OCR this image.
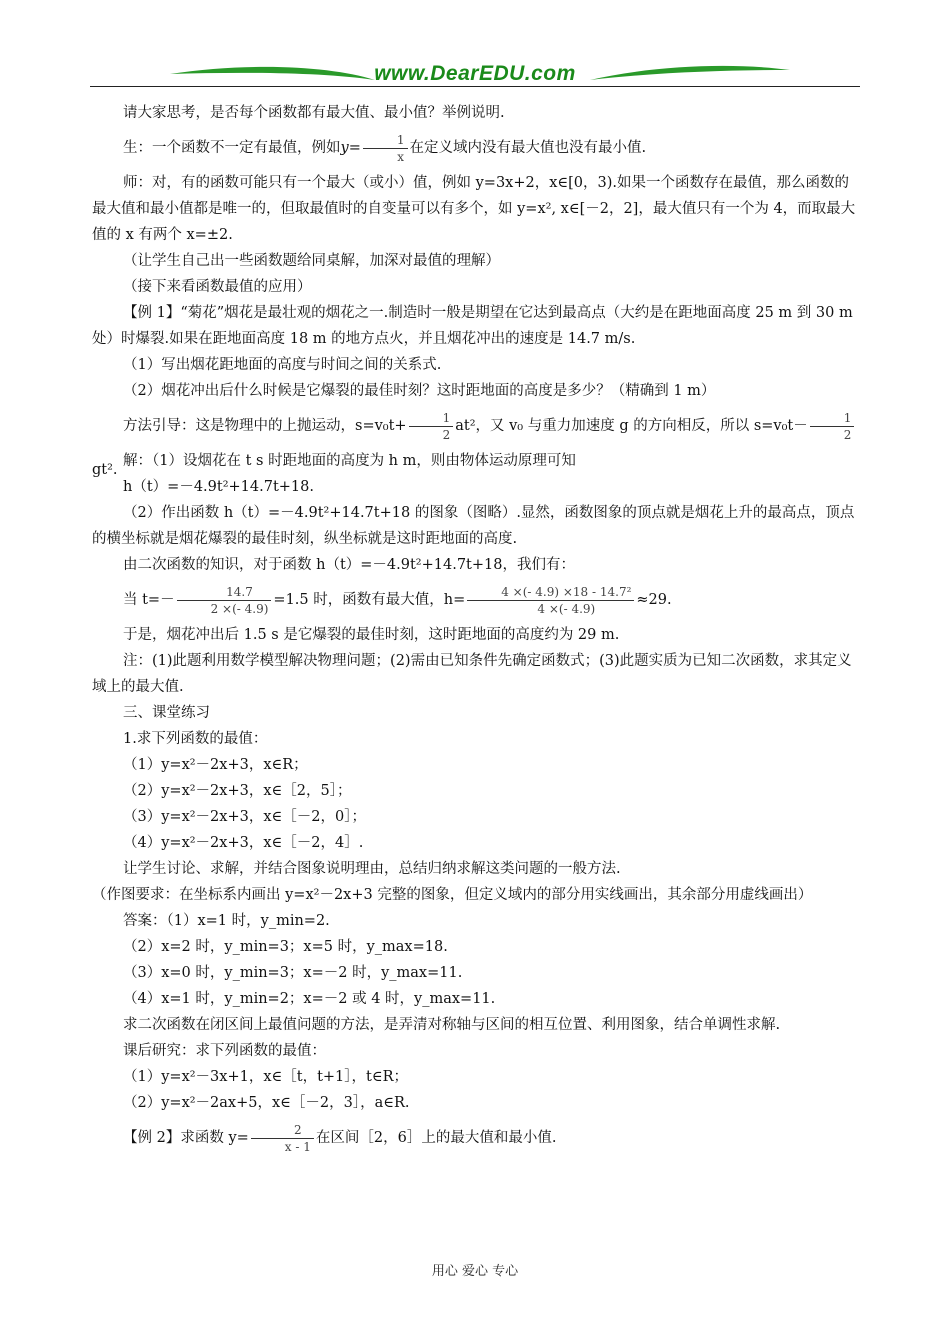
www.DearEDU.com

请大家思考，是否每个函数都有最大值、最小值？举例说明.

生：一个函数不一定有最值，例如$y= \frac{1}{x}$ 在定义域内没有最大值也没有最小值.

师：对，有的函数可能只有一个最大（或小）值，例如 y=3x+2，x∈[0，3).如果一个函数存在最值，那么函数的最大值和最小值都是唯一的，但取最值时的自变量可以有多个，如 y=x², x∈[－2，2]，最大值只有一个为 4，而取最大值的 x 有两个 x=±2.

（让学生自己出一些函数题给同桌解，加深对最值的理解）

（接下来看函数最值的应用）

【例 1】“菊花”烟花是最壮观的烟花之一.制造时一般是期望在它达到最高点（大约是在距地面高度 25 m 到 30 m 处）时爆裂.如果在距地面高度 18 m 的地方点火，并且烟花冲出的速度是 14.7 m/s.

（1）写出烟花距地面的高度与时间之间的关系式.

（2）烟花冲出后什么时候是它爆裂的最佳时刻？这时距地面的高度是多少？（精确到 1 m）

方法引导：这是物理中的上抛运动，$s=v_0t+ \frac{1}{2} at^2$，又 v₀ 与重力加速度 g 的方向相反，所以 $s=v_0t- \frac{1}{2}$
gt².

解：（1）设烟花在 t s 时距地面的高度为 h m，则由物体运动原理可知

h（t）=－4.9t²+14.7t+18.

（2）作出函数 h（t）=－4.9t²+14.7t+18 的图象（图略）.显然，函数图象的顶点就是烟花上升的最高点，顶点的横坐标就是烟花爆裂的最佳时刻，纵坐标就是这时距地面的高度.

由二次函数的知识，对于函数 h（t）=－4.9t²+14.7t+18，我们有：

当 $t=- \frac{14.7}{2 \times(- 4.9)} =1.5$ 时，函数有最大值，$h= \frac{\text{4 ×(- 4.9) ×18 - 14.7²}}{4 \times(- 4.9)} \approx 29$.

于是，烟花冲出后 1.5 s 是它爆裂的最佳时刻，这时距地面的高度约为 29 m.

注：(1)此题利用数学模型解决物理问题；(2)需由已知条件先确定函数式；(3)此题实质为已知二次函数，求其定义域上的最大值.

三、课堂练习

1.求下列函数的最值：

（1）y=x²－2x+3，x∈R；

（2）y=x²－2x+3，x∈［2，5］；

（3）y=x²－2x+3，x∈［－2，0］；

（4）y=x²－2x+3，x∈［－2，4］.

让学生讨论、求解，并结合图象说明理由，总结归纳求解这类问题的一般方法.

（作图要求：在坐标系内画出 y=x²－2x+3 完整的图象，但定义域内的部分用实线画出，其余部分用虚线画出）

答案：（1）x=1 时，y_min=2.

（2）x=2 时，y_min=3；x=5 时，y_max=18.

（3）x=0 时，y_min=3；x=－2 时，y_max=11.

（4）x=1 时，y_min=2；x=－2 或 4 时，y_max=11.

求二次函数在闭区间上最值问题的方法，是弄清对称轴与区间的相互位置、利用图象，结合单调性求解.

课后研究：求下列函数的最值：

（1）y=x²－3x+1，x∈［t，t+1］，t∈R；

（2）y=x²－2ax+5，x∈［－2，3］，a∈R.

【例 2】求函数 $y= \frac{2}{x - 1}$ 在区间［2，6］上的最大值和最小值.

用心 爱心 专心
